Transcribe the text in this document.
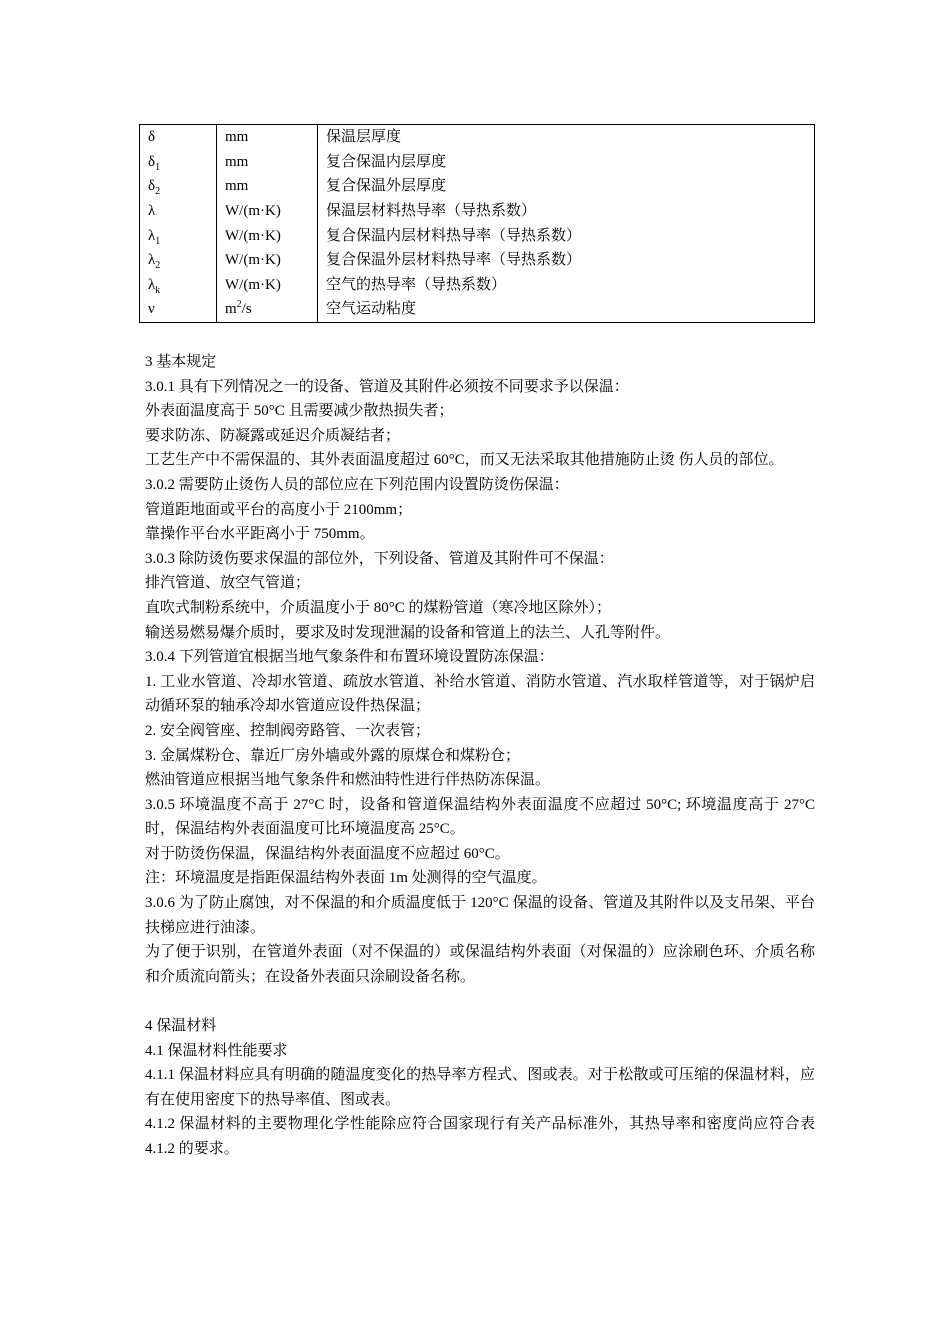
δ	mm	保温层厚度
$\delta_1$	mm	复合保温内层厚度
$\delta_2$	mm	复合保温外层厚度
λ	W/(m·K)	保温层材料热导率（导热系数）
$\lambda_1$	W/(m·K)	复合保温内层材料热导率（导热系数）
$\lambda_2$	W/(m·K)	复合保温外层材料热导率（导热系数）
$\lambda_k$	W/(m·K)	空气的热导率（导热系数）
ν	$m^2/s$	空气运动粘度

3 基本规定

3.0.1 具有下列情况之一的设备、管道及其附件必须按不同要求予以保温：

外表面温度高于 50°C 且需要减少散热损失者；

要求防冻、防凝露或延迟介质凝结者；

工艺生产中不需保温的、其外表面温度超过 60°C，而又无法采取其他措施防止烫 伤人员的部位。

3.0.2 需要防止烫伤人员的部位应在下列范围内设置防烫伤保温：

管道距地面或平台的高度小于 2100mm；

靠操作平台水平距离小于 750mm。

3.0.3 除防烫伤要求保温的部位外，下列设备、管道及其附件可不保温：

排汽管道、放空气管道；

直吹式制粉系统中，介质温度小于 80°C 的煤粉管道（寒冷地区除外）；

输送易燃易爆介质时，要求及时发现泄漏的设备和管道上的法兰、人孔等附件。

3.0.4 下列管道宜根据当地气象条件和布置环境设置防冻保温：

1. 工业水管道、冷却水管道、疏放水管道、补给水管道、消防水管道、汽水取样管道等，对于锅炉启动循环泵的轴承冷却水管道应设件热保温；

2. 安全阀管座、控制阀旁路管、一次表管；

3. 金属煤粉仓、靠近厂房外墙或外露的原煤仓和煤粉仓；

燃油管道应根据当地气象条件和燃油特性进行伴热防冻保温。

3.0.5 环境温度不高于 27°C 时，设备和管道保温结构外表面温度不应超过 50°C; 环境温度高于 27°C 时，保温结构外表面温度可比环境温度高 25°C。

对于防烫伤保温，保温结构外表面温度不应超过 60°C。

注：环境温度是指距保温结构外表面 1m 处测得的空气温度。

3.0.6 为了防止腐蚀，对不保温的和介质温度低于 120°C 保温的设备、管道及其附件以及支吊架、平台扶梯应进行油漆。

为了便于识别，在管道外表面（对不保温的）或保温结构外表面（对保温的）应涂刷色环、介质名称和介质流向箭头；在设备外表面只涂刷设备名称。

4 保温材料

4.1 保温材料性能要求

4.1.1 保温材料应具有明确的随温度变化的热导率方程式、图或表。对于松散或可压缩的保温材料，应有在使用密度下的热导率值、图或表。

4.1.2 保温材料的主要物理化学性能除应符合国家现行有关产品标准外，其热导率和密度尚应符合表 4.1.2 的要求。
